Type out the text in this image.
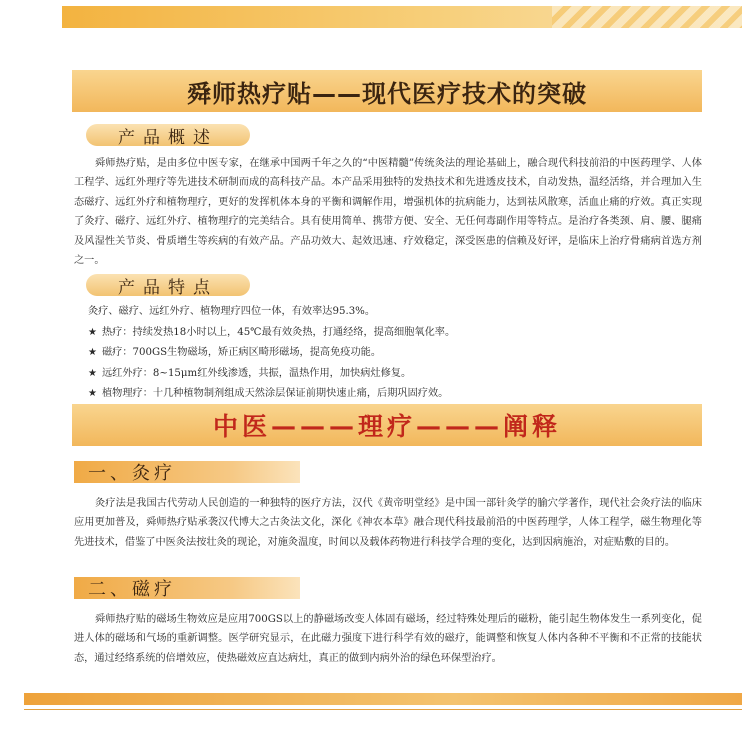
舜师热疗贴——现代医疗技术的突破
产品概述
舜师热疗贴，是由多位中医专家，在继承中国两千年之久的“中医精髓”传统灸法的理论基础上，融合现代科技前沿的中医药理学、人体工程学、远红外理疗等先进技术研制而成的高科技产品。本产品采用独特的发热技术和先进透皮技术，自动发热，温经活络，并合理加入生态磁疗、远红外疗和植物理疗，更好的发挥机体本身的平衡和调解作用，增强机体的抗病能力，达到祛风散寒，活血止痛的疗效。真正实现了灸疗、磁疗、远红外疗、植物理疗的完美结合。具有使用简单、携带方便、安全、无任何毒副作用等特点。是治疗各类颈、肩、腰、腿痛及风湿性关节炎、骨质增生等疾病的有效产品。产品功效大、起效迅速、疗效稳定，深受医患的信赖及好评，是临床上治疗骨痛病首选方剂之一。
产品特点
灸疗、磁疗、远红外疗、植物理疗四位一体，有效率达95.3%。
★ 热疗：持续发热18小时以上，45℃最有效灸热，打通经络，提高细胞氧化率。
★ 磁疗：700GS生物磁场，矫正病区畸形磁场，提高免疫功能。
★ 远红外疗：8~15μm红外线渗透，共振，温热作用，加快病灶修复。
★ 植物理疗：十几种植物制剂组成天然涂层保证前期快速止痛，后期巩固疗效。
中医———理疗———阐释
一、灸疗
灸疗法是我国古代劳动人民创造的一种独特的医疗方法，汉代《黄帝明堂经》是中国一部针灸学的腧穴学著作，现代社会灸疗法的临床应用更加普及，舜师热疗贴承袭汉代博大之古灸法文化，深化《神农本草》融合现代科技最前沿的中医药理学，人体工程学，磁生物理化等先进技术，借鉴了中医灸法按壮灸的现论，对施灸温度，时间以及载体药物进行科技学合理的变化，达到因病施治，对症贴敷的目的。
二、磁疗
舜师热疗贴的磁场生物效应是应用700GS以上的静磁场改变人体固有磁场，经过特殊处理后的磁粉，能引起生物体发生一系列变化，促进人体的磁场和气场的重新调整。医学研究显示，在此磁力强度下进行科学有效的磁疗，能调整和恢复人体内各种不平衡和不正常的技能状态，通过经络系统的倍增效应，使热磁效应直达病灶，真正的做到内病外治的绿色环保型治疗。
